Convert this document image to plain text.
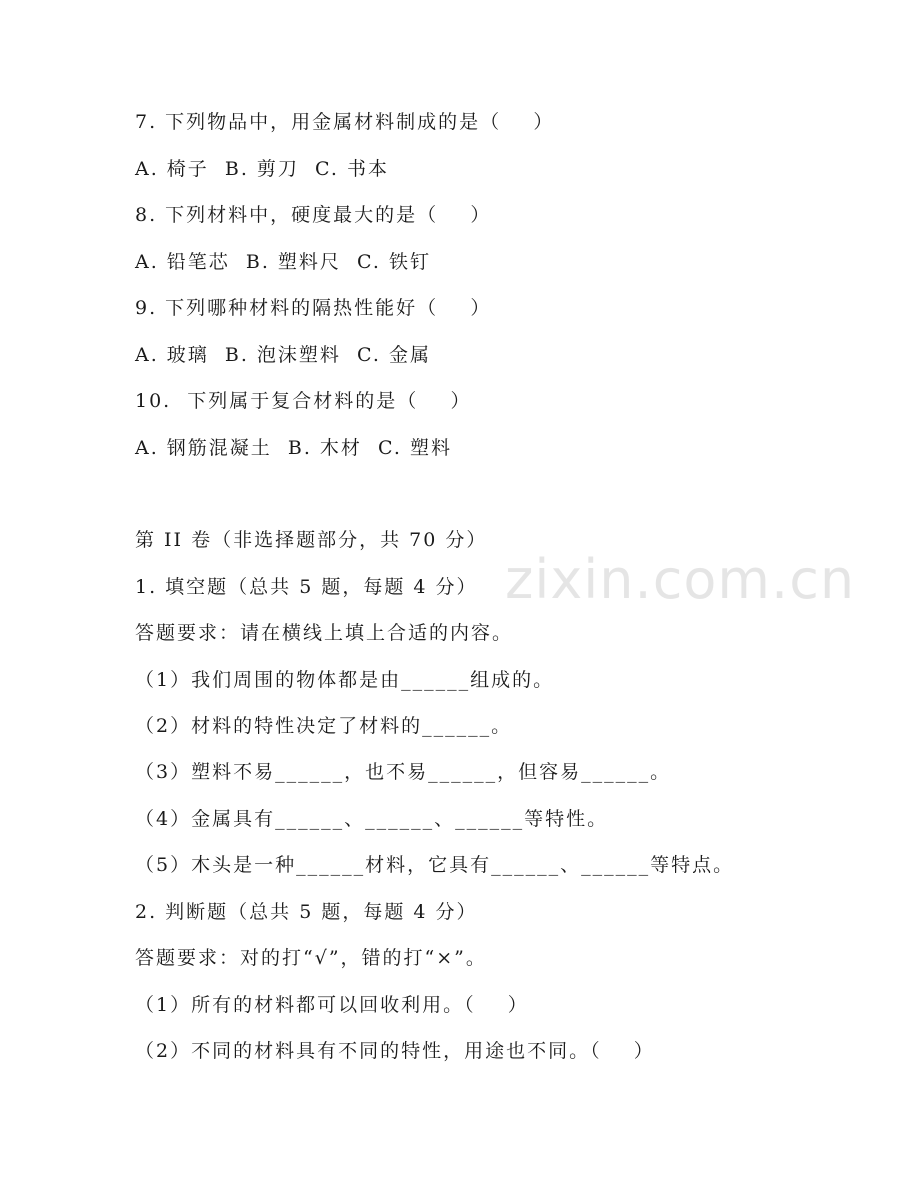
7. 下列物品中，用金属材料制成的是（    ）
A. 椅子  B. 剪刀  C. 书本
8. 下列材料中，硬度最大的是（    ）
A. 铅笔芯  B. 塑料尺  C. 铁钉
9. 下列哪种材料的隔热性能好（    ）
A. 玻璃  B. 泡沫塑料  C. 金属
10.  下列属于复合材料的是（    ）
A. 钢筋混凝土  B. 木材  C. 塑料
第 II 卷（非选择题部分，共 70 分）
1. 填空题（总共 5 题，每题 4 分）
答题要求：请在横线上填上合适的内容。
（1）我们周围的物体都是由______组成的。
（2）材料的特性决定了材料的______。
（3）塑料不易______，也不易______，但容易______。
（4）金属具有______、______、______等特性。
（5）木头是一种______材料，它具有______、______等特点。
2. 判断题（总共 5 题，每题 4 分）
答题要求：对的打“√”，错的打“×”。
（1）所有的材料都可以回收利用。（    ）
（2）不同的材料具有不同的特性，用途也不同。（    ）
zixin.com.cn
